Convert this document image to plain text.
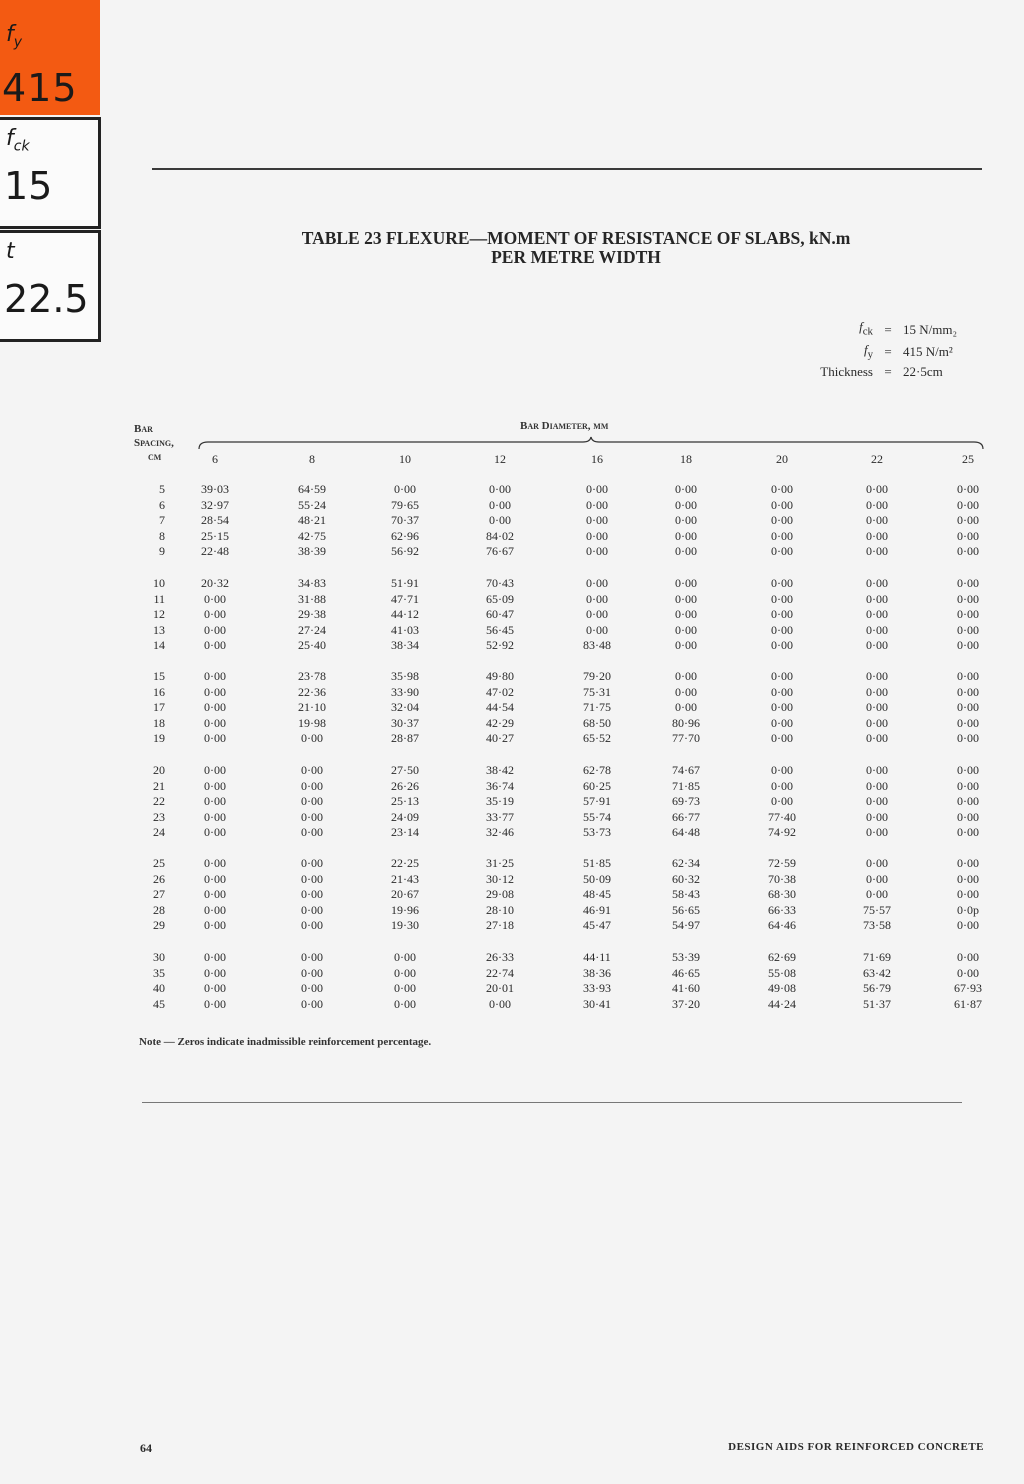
$f_y$
415
$f_{ck}$
15
t
22.5
TABLE 23 FLEXURE—MOMENT OF RESISTANCE OF SLABS, kN.m
PER METRE WIDTH
$f_{ck}$	=	15 N/mm₂
$f_y$	=	415 N/m²
Thickness	=	22·5cm
Bar
Spacing,
cm
Bar Diameter, mm
6	8	10	12	16	18	20	22	25
5	39·03	64·59	0·00	0·00	0·00	0·00	0·00	0·00	0·00
6	32·97	55·24	79·65	0·00	0·00	0·00	0·00	0·00	0·00
7	28·54	48·21	70·37	0·00	0·00	0·00	0·00	0·00	0·00
8	25·15	42·75	62·96	84·02	0·00	0·00	0·00	0·00	0·00
9	22·48	38·39	56·92	76·67	0·00	0·00	0·00	0·00	0·00
10	20·32	34·83	51·91	70·43	0·00	0·00	0·00	0·00	0·00
11	0·00	31·88	47·71	65·09	0·00	0·00	0·00	0·00	0·00
12	0·00	29·38	44·12	60·47	0·00	0·00	0·00	0·00	0·00
13	0·00	27·24	41·03	56·45	0·00	0·00	0·00	0·00	0·00
14	0·00	25·40	38·34	52·92	83·48	0·00	0·00	0·00	0·00
15	0·00	23·78	35·98	49·80	79·20	0·00	0·00	0·00	0·00
16	0·00	22·36	33·90	47·02	75·31	0·00	0·00	0·00	0·00
17	0·00	21·10	32·04	44·54	71·75	0·00	0·00	0·00	0·00
18	0·00	19·98	30·37	42·29	68·50	80·96	0·00	0·00	0·00
19	0·00	0·00	28·87	40·27	65·52	77·70	0·00	0·00	0·00
20	0·00	0·00	27·50	38·42	62·78	74·67	0·00	0·00	0·00
21	0·00	0·00	26·26	36·74	60·25	71·85	0·00	0·00	0·00
22	0·00	0·00	25·13	35·19	57·91	69·73	0·00	0·00	0·00
23	0·00	0·00	24·09	33·77	55·74	66·77	77·40	0·00	0·00
24	0·00	0·00	23·14	32·46	53·73	64·48	74·92	0·00	0·00
25	0·00	0·00	22·25	31·25	51·85	62·34	72·59	0·00	0·00
26	0·00	0·00	21·43	30·12	50·09	60·32	70·38	0·00	0·00
27	0·00	0·00	20·67	29·08	48·45	58·43	68·30	0·00	0·00
28	0·00	0·00	19·96	28·10	46·91	56·65	66·33	75·57	0·0p
29	0·00	0·00	19·30	27·18	45·47	54·97	64·46	73·58	0·00
30	0·00	0·00	0·00	26·33	44·11	53·39	62·69	71·69	0·00
35	0·00	0·00	0·00	22·74	38·36	46·65	55·08	63·42	0·00
40	0·00	0·00	0·00	20·01	33·93	41·60	49·08	56·79	67·93
45	0·00	0·00	0·00	0·00	30·41	37·20	44·24	51·37	61·87
Note — Zeros indicate inadmissible reinforcement percentage.
64	DESIGN AIDS FOR REINFORCED CONCRETE
